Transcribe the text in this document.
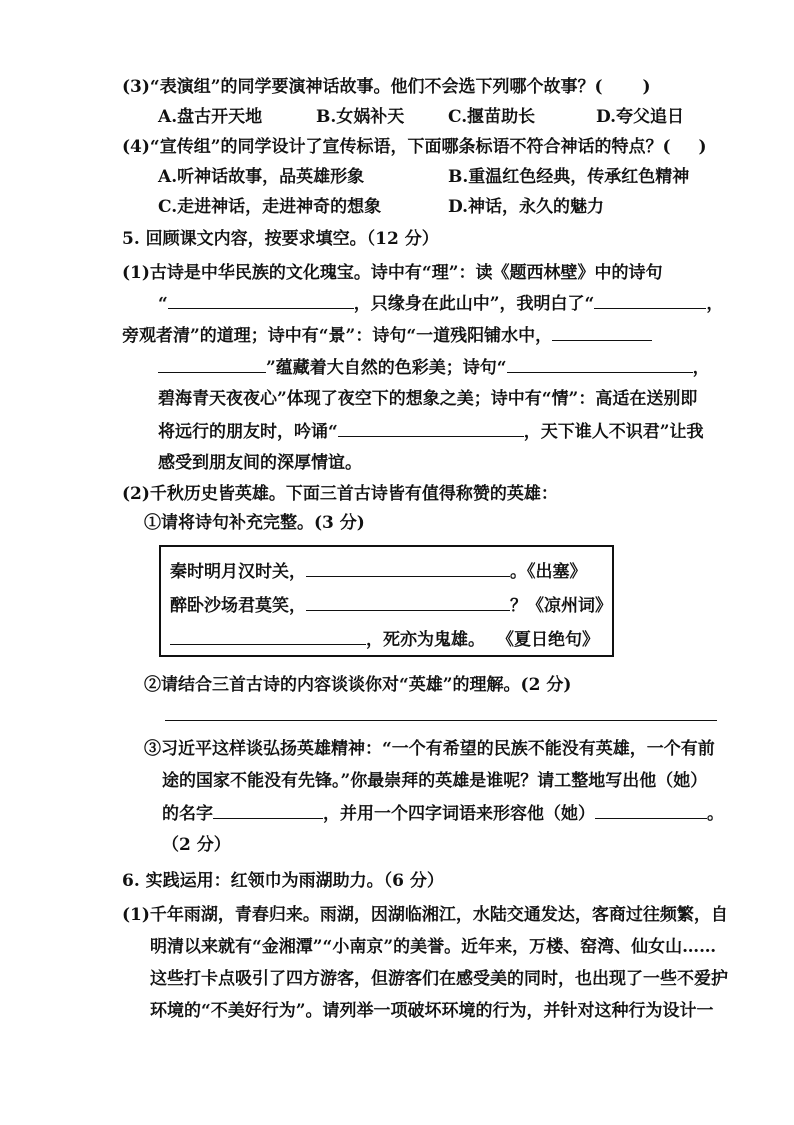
(3)“表演组”的同学要演神话故事。他们不会选下列哪个故事？( )
A.盘古开天地	B.女娲补天	C.揠苗助长	D.夸父追日
(4)“宣传组”的同学设计了宣传标语，下面哪条标语不符合神话的特点？( )
A.听神话故事，品英雄形象	B.重温红色经典，传承红色精神
C.走进神话，走进神奇的想象	D.神话，永久的魅力
5. 回顾课文内容，按要求填空。（12 分）
(1)古诗是中华民族的文化瑰宝。诗中有“理”：读《题西林壁》中的诗句
“	，只缘身在此山中”，我明白了“	，
旁观者清”的道理；诗中有“景”：诗句“一道残阳铺水中，
”蕴藏着大自然的色彩美；诗句“	，
碧海青天夜夜心”体现了夜空下的想象之美；诗中有“情”：高适在送别即
将远行的朋友时，吟诵“	，天下谁人不识君”让我
感受到朋友间的深厚情谊。
(2)千秋历史皆英雄。下面三首古诗皆有值得称赞的英雄：
①请将诗句补充完整。(3 分)
秦时明月汉时关，	。《出塞》
醉卧沙场君莫笑，	？《凉州词》
，死亦为鬼雄。 《夏日绝句》
②请结合三首古诗的内容谈谈你对“英雄”的理解。(2 分)
③习近平这样谈弘扬英雄精神：“一个有希望的民族不能没有英雄，一个有前
途的国家不能没有先锋。”你最崇拜的英雄是谁呢？请工整地写出他（她）
的名字	，并用一个四字词语来形容他（她）	。
（2 分）
6. 实践运用：红领巾为雨湖助力。（6 分）
(1)千年雨湖，青春归来。雨湖，因湖临湘江，水陆交通发达，客商过往频繁，自
明清以来就有“金湘潭”“小南京”的美誉。近年来，万楼、窑湾、仙女山……
这些打卡点吸引了四方游客，但游客们在感受美的同时，也出现了一些不爱护
环境的“不美好行为”。请列举一项破坏环境的行为，并针对这种行为设计一
